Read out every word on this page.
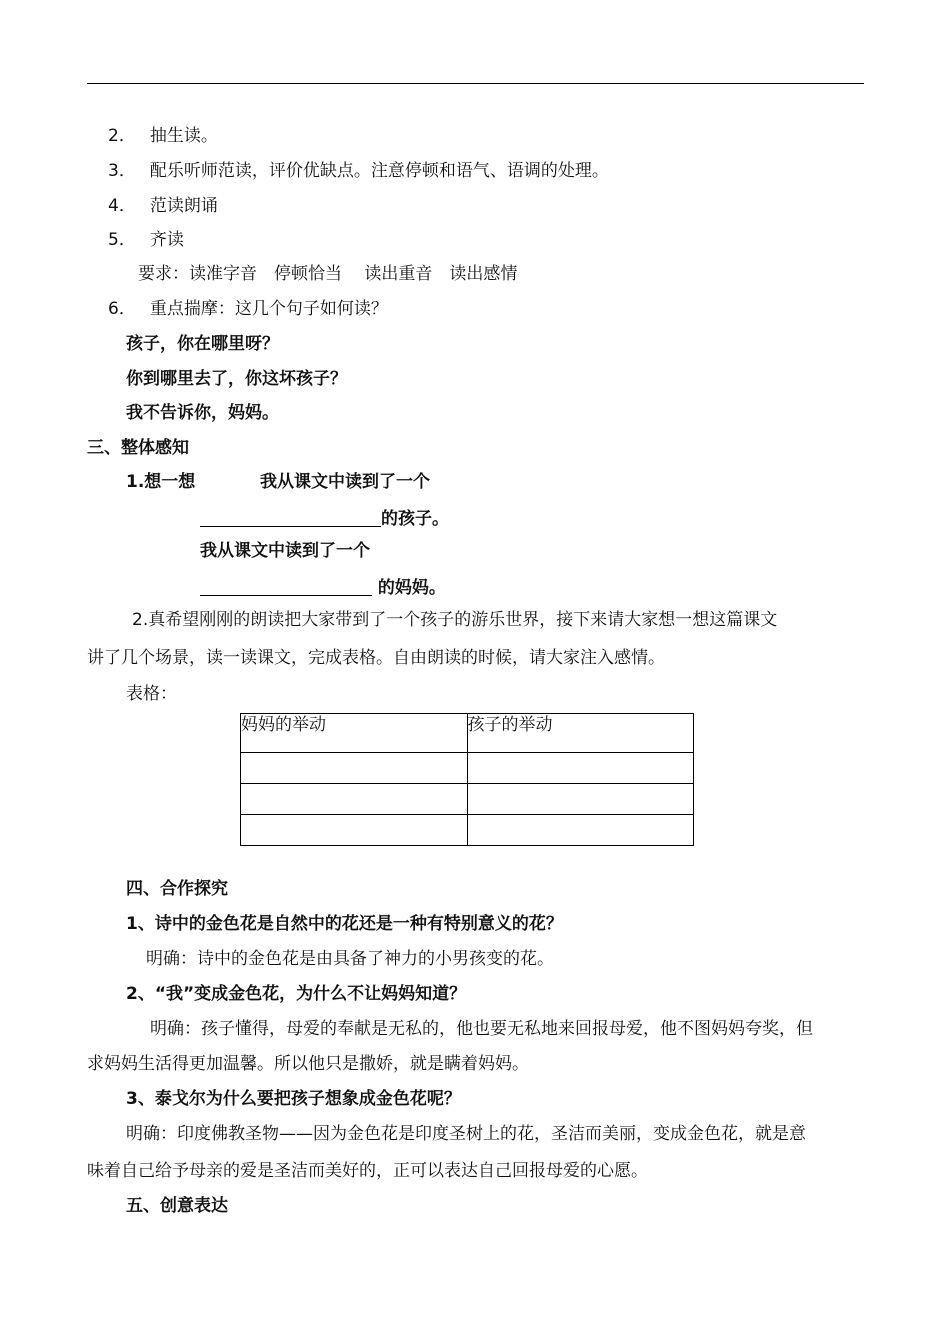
2． 抽生读。
3． 配乐听师范读，评价优缺点。注意停顿和语气、语调的处理。
4． 范读朗诵
5． 齐读
要求：读准字音　停顿恰当　 读出重音　读出感情
6． 重点揣摩：这几个句子如何读？
孩子，你在哪里呀？
你到哪里去了，你这坏孩子？
我不告诉你，妈妈。
三、整体感知
1.想一想	我从课文中读到了一个
的孩子。
我从课文中读到了一个
的妈妈。
2.真希望刚刚的朗读把大家带到了一个孩子的游乐世界，接下来请大家想一想这篇课文
讲了几个场景，读一读课文，完成表格。自由朗读的时候，请大家注入感情。
表格：
妈妈的举动	孩子的举动

四、合作探究
1、诗中的金色花是自然中的花还是一种有特别意义的花？
明确：诗中的金色花是由具备了神力的小男孩变的花。
2、“我”变成金色花，为什么不让妈妈知道？
明确：孩子懂得，母爱的奉献是无私的，他也要无私地来回报母爱，他不图妈妈夸奖，但
求妈妈生活得更加温馨。所以他只是撒娇，就是瞒着妈妈。
3、泰戈尔为什么要把孩子想象成金色花呢？
明确：印度佛教圣物——因为金色花是印度圣树上的花，圣洁而美丽，变成金色花，就是意
味着自己给予母亲的爱是圣洁而美好的，正可以表达自己回报母爱的心愿。
五、创意表达
